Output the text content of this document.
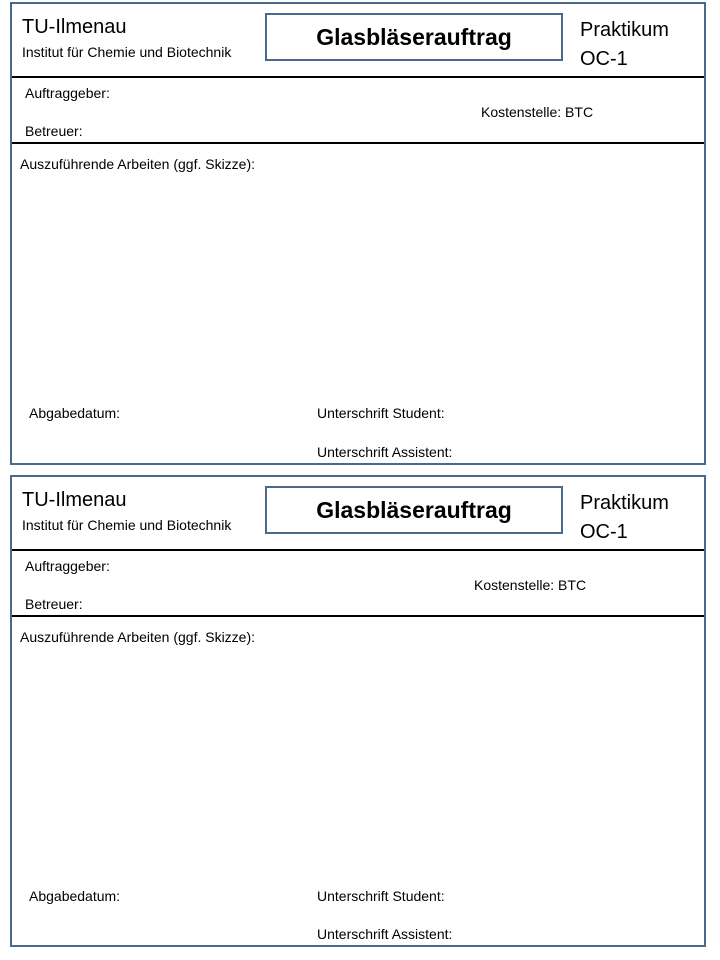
TU-Ilmenau
Institut für Chemie und Biotechnik
Glasbläserauftrag	Praktikum
OC-1
Auftraggeber:
Kostenstelle: BTC
Betreuer:
Auszuführende Arbeiten (ggf. Skizze):
Abgabedatum:	Unterschrift Student:
Unterschrift Assistent:
TU-Ilmenau
Institut für Chemie und Biotechnik
Glasbläserauftrag	Praktikum
OC-1
Auftraggeber:
Kostenstelle: BTC
Betreuer:
Auszuführende Arbeiten (ggf. Skizze):
Abgabedatum:	Unterschrift Student:
Unterschrift Assistent:
